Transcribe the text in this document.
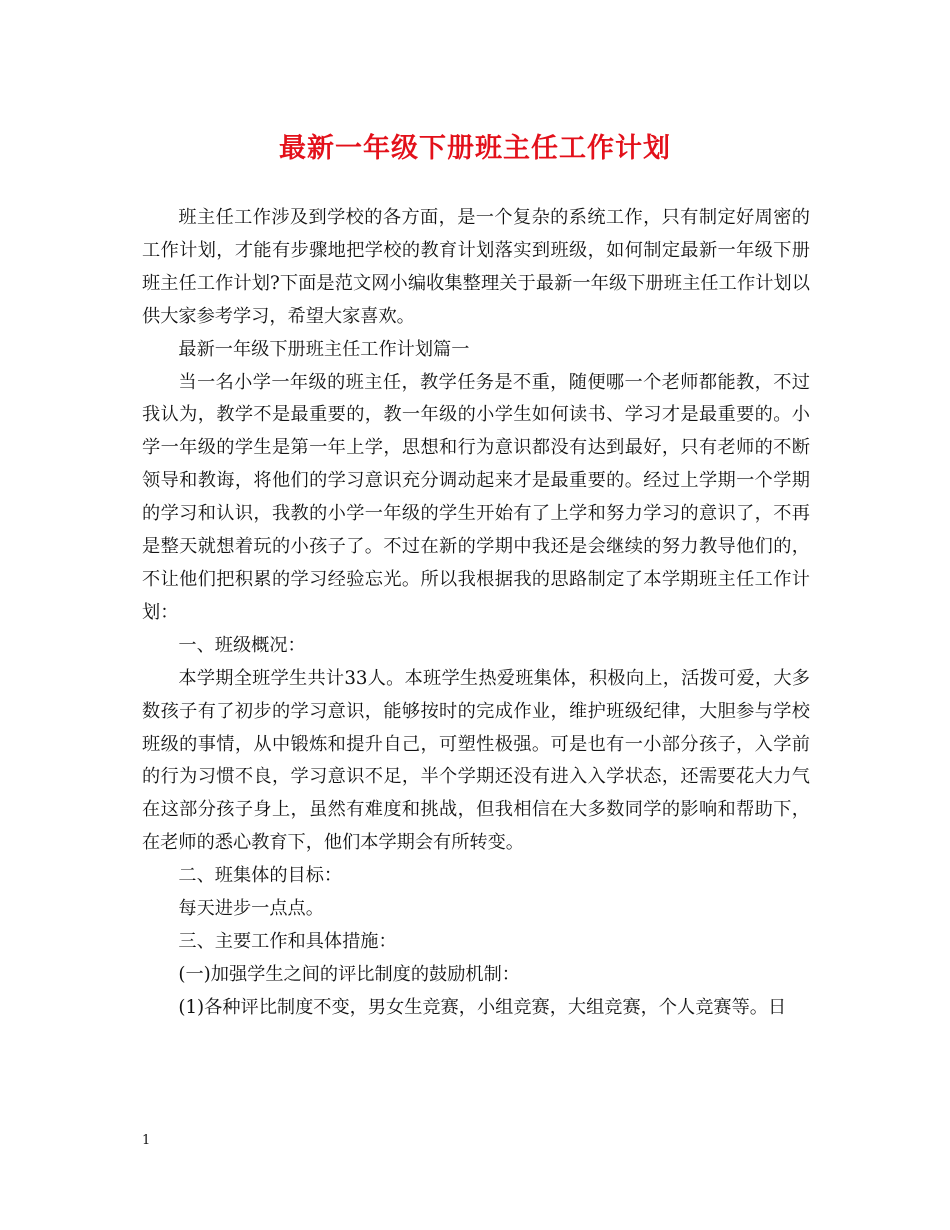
最新一年级下册班主任工作计划

班主任工作涉及到学校的各方面，是一个复杂的系统工作，只有制定好周密的工作计划，才能有步骤地把学校的教育计划落实到班级，如何制定最新一年级下册班主任工作计划?下面是范文网小编收集整理关于最新一年级下册班主任工作计划以供大家参考学习，希望大家喜欢。

最新一年级下册班主任工作计划篇一

当一名小学一年级的班主任，教学任务是不重，随便哪一个老师都能教，不过我认为，教学不是最重要的，教一年级的小学生如何读书、学习才是最重要的。小学一年级的学生是第一年上学，思想和行为意识都没有达到最好，只有老师的不断领导和教诲，将他们的学习意识充分调动起来才是最重要的。经过上学期一个学期的学习和认识，我教的小学一年级的学生开始有了上学和努力学习的意识了，不再是整天就想着玩的小孩子了。不过在新的学期中我还是会继续的努力教导他们的，不让他们把积累的学习经验忘光。所以我根据我的思路制定了本学期班主任工作计划：

一、班级概况：

本学期全班学生共计33人。本班学生热爱班集体，积极向上，活拨可爱，大多数孩子有了初步的学习意识，能够按时的完成作业，维护班级纪律，大胆参与学校班级的事情，从中锻炼和提升自己，可塑性极强。可是也有一小部分孩子，入学前的行为习惯不良，学习意识不足，半个学期还没有进入入学状态，还需要花大力气在这部分孩子身上，虽然有难度和挑战，但我相信在大多数同学的影响和帮助下，在老师的悉心教育下，他们本学期会有所转变。

二、班集体的目标：

每天进步一点点。

三、主要工作和具体措施：

(一)加强学生之间的评比制度的鼓励机制：

(1)各种评比制度不变，男女生竞赛，小组竞赛，大组竞赛，个人竞赛等。日

1
